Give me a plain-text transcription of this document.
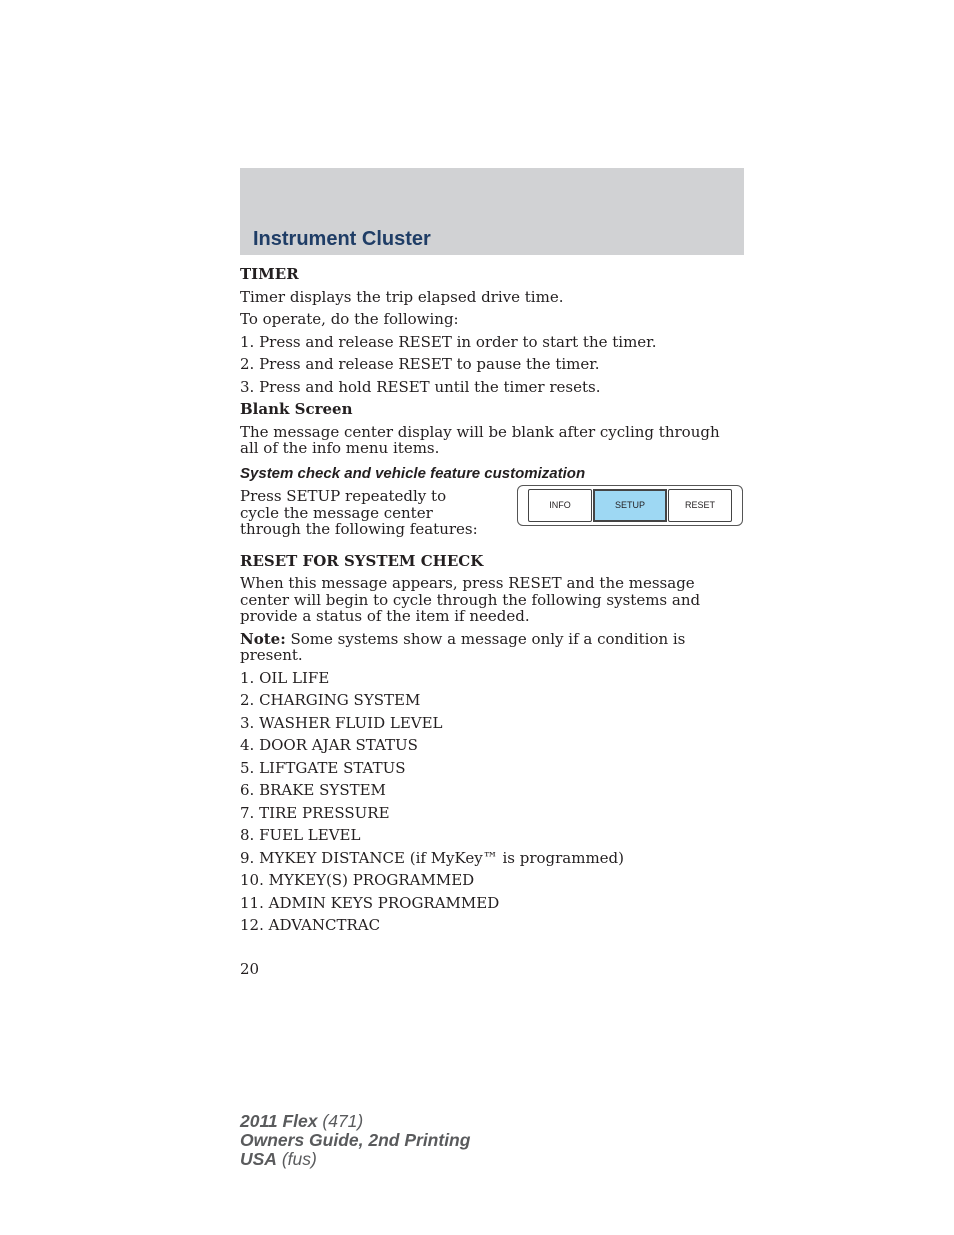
Instrument Cluster

TIMER

Timer displays the trip elapsed drive time.

To operate, do the following:

1. Press and release RESET in order to start the timer.

2. Press and release RESET to pause the timer.

3. Press and hold RESET until the timer resets.

Blank Screen

The message center display will be blank after cycling through all of the info menu items.

System check and vehicle feature customization

Press SETUP repeatedly to cycle the message center through the following features:

INFO	SETUP	RESET

RESET FOR SYSTEM CHECK

When this message appears, press RESET and the message center will begin to cycle through the following systems and provide a status of the item if needed.

Note: Some systems show a message only if a condition is present.

1. OIL LIFE

2. CHARGING SYSTEM

3. WASHER FLUID LEVEL

4. DOOR AJAR STATUS

5. LIFTGATE STATUS

6. BRAKE SYSTEM

7. TIRE PRESSURE

8. FUEL LEVEL

9. MYKEY DISTANCE (if MyKey™ is programmed)

10. MYKEY(S) PROGRAMMED

11. ADMIN KEYS PROGRAMMED

12. ADVANCTRAC

20
2011 Flex (471)
Owners Guide, 2nd Printing
USA (fus)
